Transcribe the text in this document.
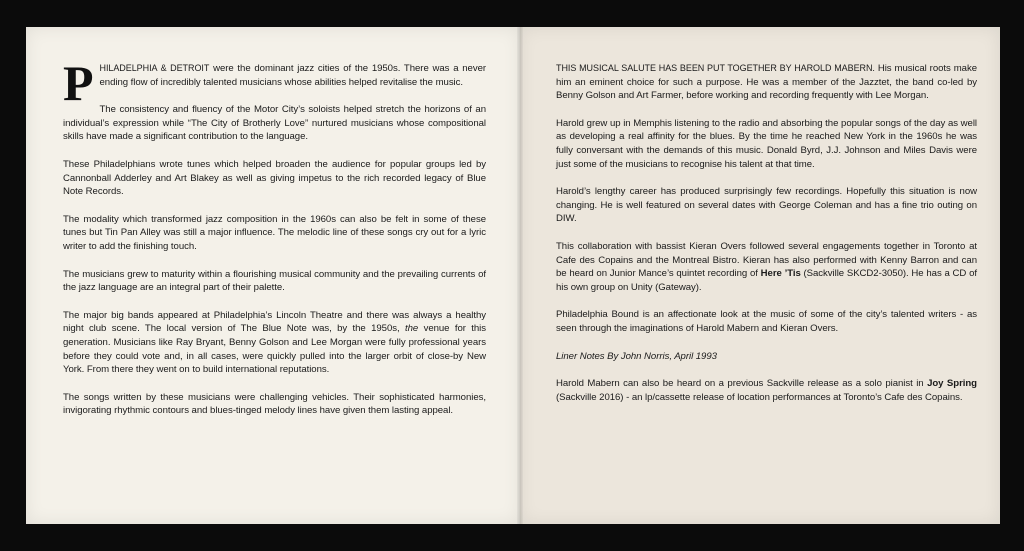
PHILADELPHIA & DETROIT were the dominant jazz cities of the 1950s. There was a never ending flow of incredibly talented musicians whose abilities helped revitalise the music.

The consistency and fluency of the Motor City’s soloists helped stretch the horizons of an individual’s expression while “The City of Brotherly Love” nurtured musicians whose compositional skills have made a significant contribution to the language.

These Philadelphians wrote tunes which helped broaden the audience for popular groups led by Cannonball Adderley and Art Blakey as well as giving impetus to the rich recorded legacy of Blue Note Records.

The modality which transformed jazz composition in the 1960s can also be felt in some of these tunes but Tin Pan Alley was still a major influence. The melodic line of these songs cry out for a lyric writer to add the finishing touch.

The musicians grew to maturity within a flourishing musical community and the prevailing currents of the jazz language are an integral part of their palette.

The major big bands appeared at Philadelphia’s Lincoln Theatre and there was always a healthy night club scene. The local version of The Blue Note was, by the 1950s, the venue for this generation. Musicians like Ray Bryant, Benny Golson and Lee Morgan were fully professional years before they could vote and, in all cases, were quickly pulled into the larger orbit of close-by New York. From there they went on to build international reputations.

The songs written by these musicians were challenging vehicles. Their sophisticated harmonies, invigorating rhythmic contours and blues-tinged melody lines have given them lasting appeal.

THIS MUSICAL SALUTE HAS BEEN PUT TOGETHER BY HAROLD MABERN. His musical roots make him an eminent choice for such a purpose. He was a member of the Jazztet, the band co-led by Benny Golson and Art Farmer, before working and recording frequently with Lee Morgan.

Harold grew up in Memphis listening to the radio and absorbing the popular songs of the day as well as developing a real affinity for the blues. By the time he reached New York in the 1960s he was fully conversant with the demands of this music. Donald Byrd, J.J. Johnson and Miles Davis were just some of the musicians to recognise his talent at that time.

Harold’s lengthy career has produced surprisingly few recordings. Hopefully this situation is now changing. He is well featured on several dates with George Coleman and has a fine trio outing on DIW.

This collaboration with bassist Kieran Overs followed several engagements together in Toronto at Cafe des Copains and the Montreal Bistro. Kieran has also performed with Kenny Barron and can be heard on Junior Mance’s quintet recording of Here ’Tis (Sackville SKCD2-3050). He has a CD of his own group on Unity (Gateway).

Philadelphia Bound is an affectionate look at the music of some of the city’s talented writers - as seen through the imaginations of Harold Mabern and Kieran Overs.

Liner Notes By John Norris, April 1993

Harold Mabern can also be heard on a previous Sackville release as a solo pianist in Joy Spring (Sackville 2016) - an lp/cassette release of location performances at Toronto’s Cafe des Copains.
